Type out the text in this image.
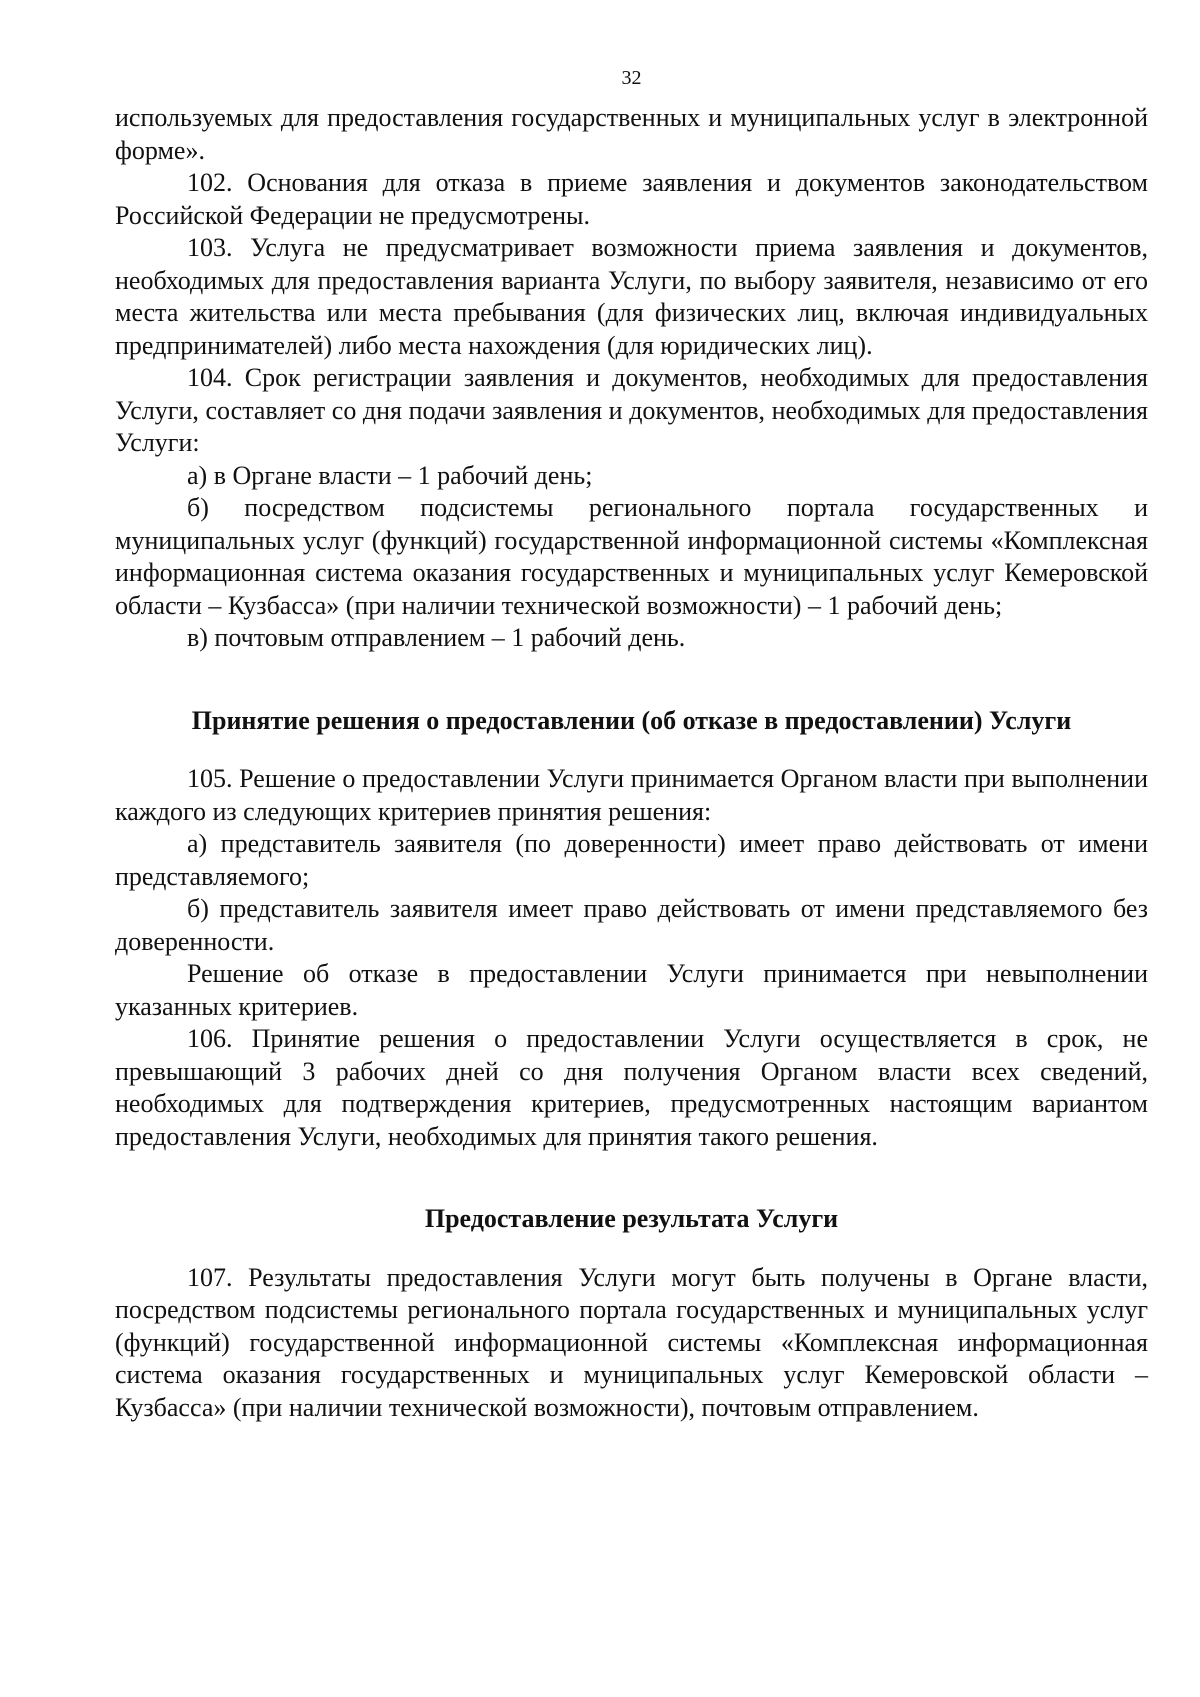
32

используемых для предоставления государственных и муниципальных услуг в электронной форме».

102. Основания для отказа в приеме заявления и документов законодательством Российской Федерации не предусмотрены.

103. Услуга не предусматривает возможности приема заявления и документов, необходимых для предоставления варианта Услуги, по выбору заявителя, независимо от его места жительства или места пребывания (для физических лиц, включая индивидуальных предпринимателей) либо места нахождения (для юридических лиц).

104. Срок регистрации заявления и документов, необходимых для предоставления Услуги, составляет со дня подачи заявления и документов, необходимых для предоставления Услуги:

а) в Органе власти – 1 рабочий день;

б) посредством подсистемы регионального портала государственных и муниципальных услуг (функций) государственной информационной системы «Комплексная информационная система оказания государственных и муниципальных услуг Кемеровской области – Кузбасса» (при наличии технической возможности) – 1 рабочий день;

в) почтовым отправлением – 1 рабочий день.

Принятие решения о предоставлении (об отказе в предоставлении) Услуги

105. Решение о предоставлении Услуги принимается Органом власти при выполнении каждого из следующих критериев принятия решения:

а) представитель заявителя (по доверенности) имеет право действовать от имени представляемого;

б) представитель заявителя имеет право действовать от имени представляемого без доверенности.

Решение об отказе в предоставлении Услуги принимается при невыполнении указанных критериев.

106. Принятие решения о предоставлении Услуги осуществляется в срок, не превышающий 3 рабочих дней со дня получения Органом власти всех сведений, необходимых для подтверждения критериев, предусмотренных настоящим вариантом предоставления Услуги, необходимых для принятия такого решения.

Предоставление результата Услуги

107. Результаты предоставления Услуги могут быть получены в Органе власти, посредством подсистемы регионального портала государственных и муниципальных услуг (функций) государственной информационной системы «Комплексная информационная система оказания государственных и муниципальных услуг Кемеровской области – Кузбасса» (при наличии технической возможности), почтовым отправлением.
